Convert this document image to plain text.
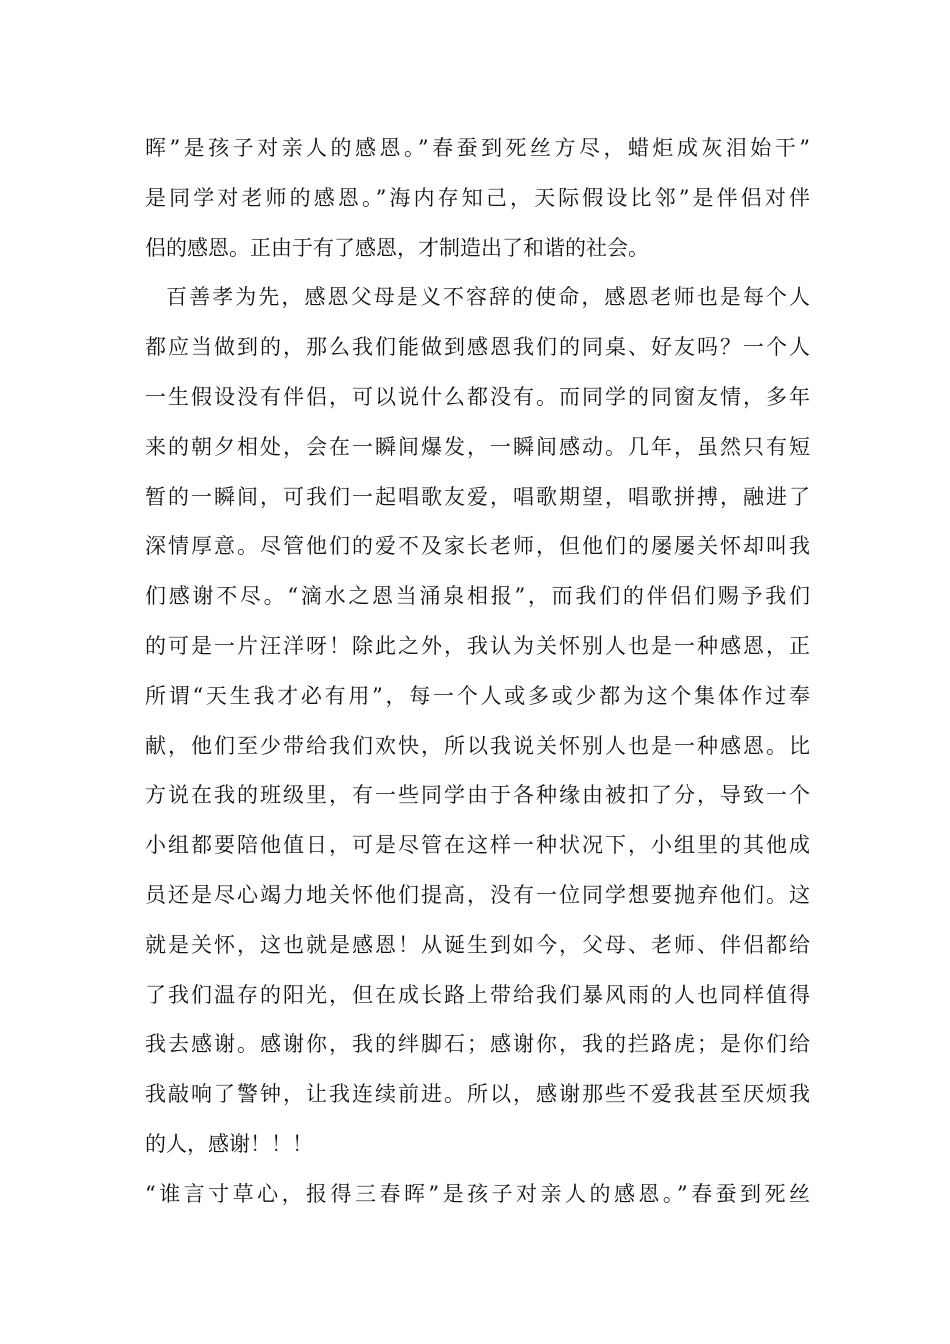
晖”是孩子对亲人的感恩。”春蚕到死丝方尽，蜡炬成灰泪始干”
是同学对老师的感恩。”海内存知己，天际假设比邻”是伴侣对伴
侣的感恩。正由于有了感恩，才制造出了和谐的社会。
百善孝为先，感恩父母是义不容辞的使命，感恩老师也是每个人
都应当做到的，那么我们能做到感恩我们的同桌、好友吗？一个人
一生假设没有伴侣，可以说什么都没有。而同学的同窗友情，多年
来的朝夕相处，会在一瞬间爆发，一瞬间感动。几年，虽然只有短
暂的一瞬间，可我们一起唱歌友爱，唱歌期望，唱歌拼搏，融进了
深情厚意。尽管他们的爱不及家长老师，但他们的屡屡关怀却叫我
们感谢不尽。“滴水之恩当涌泉相报”，而我们的伴侣们赐予我们
的可是一片汪洋呀！除此之外，我认为关怀别人也是一种感恩，正
所谓“天生我才必有用”，每一个人或多或少都为这个集体作过奉
献，他们至少带给我们欢快，所以我说关怀别人也是一种感恩。比
方说在我的班级里，有一些同学由于各种缘由被扣了分，导致一个
小组都要陪他值日，可是尽管在这样一种状况下，小组里的其他成
员还是尽心竭力地关怀他们提高，没有一位同学想要抛弃他们。这
就是关怀，这也就是感恩！从诞生到如今，父母、老师、伴侣都给
了我们温存的阳光，但在成长路上带给我们暴风雨的人也同样值得
我去感谢。感谢你，我的绊脚石；感谢你，我的拦路虎；是你们给
我敲响了警钟，让我连续前进。所以，感谢那些不爱我甚至厌烦我
的人，感谢！！！
“谁言寸草心，报得三春晖”是孩子对亲人的感恩。”春蚕到死丝
